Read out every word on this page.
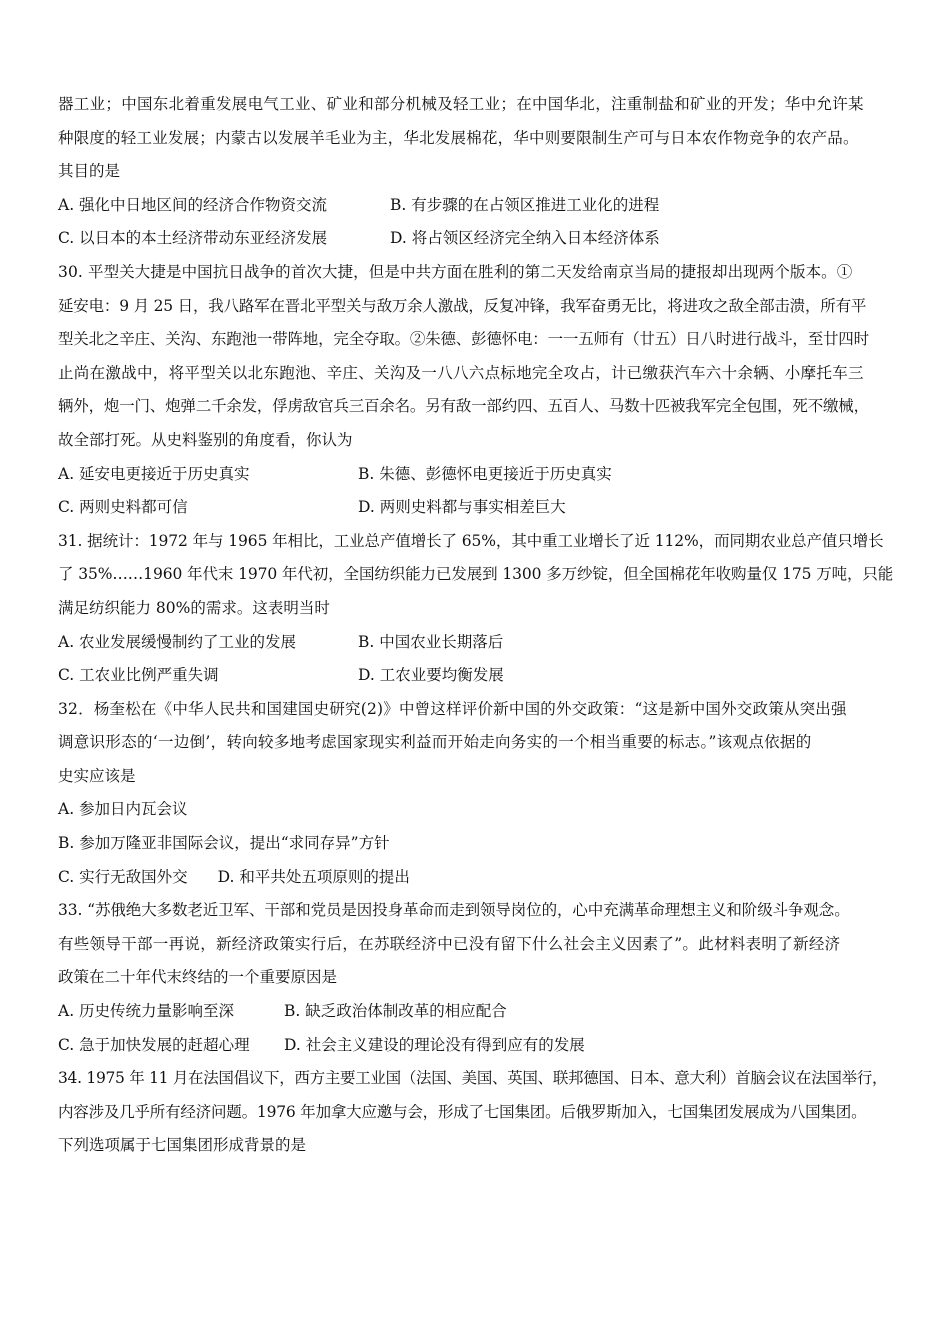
器工业；中国东北着重发展电气工业、矿业和部分机械及轻工业；在中国华北，注重制盐和矿业的开发；华中允许某
种限度的轻工业发展；内蒙古以发展羊毛业为主，华北发展棉花，华中则要限制生产可与日本农作物竞争的农产品。
其目的是
A. 强化中日地区间的经济合作物资交流	B. 有步骤的在占领区推进工业化的进程
C. 以日本的本土经济带动东亚经济发展	D. 将占领区经济完全纳入日本经济体系
30. 平型关大捷是中国抗日战争的首次大捷，但是中共方面在胜利的第二天发给南京当局的捷报却出现两个版本。①
延安电：9 月 25 日，我八路军在晋北平型关与敌万余人激战，反复冲锋，我军奋勇无比，将进攻之敌全部击溃，所有平
型关北之辛庄、关沟、东跑池一带阵地，完全夺取。②朱德、彭德怀电：一一五师有（廿五）日八时进行战斗，至廿四时
止尚在激战中，将平型关以北东跑池、辛庄、关沟及一八八六点标地完全攻占，计已缴获汽车六十余辆、小摩托车三
辆外，炮一门、炮弹二千余发，俘虏敌官兵三百余名。另有敌一部约四、五百人、马数十匹被我军完全包围，死不缴械，
故全部打死。从史料鉴别的角度看，你认为
A. 延安电更接近于历史真实	B. 朱德、彭德怀电更接近于历史真实
C. 两则史料都可信	D. 两则史料都与事实相差巨大
31. 据统计：1972 年与 1965 年相比，工业总产值增长了 65%，其中重工业增长了近 112%，而同期农业总产值只增长
了 35%……1960 年代末 1970 年代初，全国纺织能力已发展到 1300 多万纱锭，但全国棉花年收购量仅 175 万吨，只能
满足纺织能力 80%的需求。这表明当时
A. 农业发展缓慢制约了工业的发展	B. 中国农业长期落后
C. 工农业比例严重失调	D. 工农业要均衡发展
32．杨奎松在《中华人民共和国建国史研究(2)》中曾这样评价新中国的外交政策：“这是新中国外交政策从突出强
调意识形态的‘一边倒’，转向较多地考虑国家现实利益而开始走向务实的一个相当重要的标志。”该观点依据的
史实应该是
A. 参加日内瓦会议
B. 参加万隆亚非国际会议，提出“求同存异”方针
C. 实行无敌国外交 D. 和平共处五项原则的提出
33. “苏俄绝大多数老近卫军、干部和党员是因投身革命而走到领导岗位的，心中充满革命理想主义和阶级斗争观念。
有些领导干部一再说，新经济政策实行后，在苏联经济中已没有留下什么社会主义因素了”。此材料表明了新经济
政策在二十年代末终结的一个重要原因是
A. 历史传统力量影响至深	B. 缺乏政治体制改革的相应配合
C. 急于加快发展的赶超心理	D. 社会主义建设的理论没有得到应有的发展
34. 1975 年 11 月在法国倡议下，西方主要工业国（法国、美国、英国、联邦德国、日本、意大利）首脑会议在法国举行，
内容涉及几乎所有经济问题。1976 年加拿大应邀与会，形成了七国集团。后俄罗斯加入，七国集团发展成为八国集团。
下列选项属于七国集团形成背景的是
